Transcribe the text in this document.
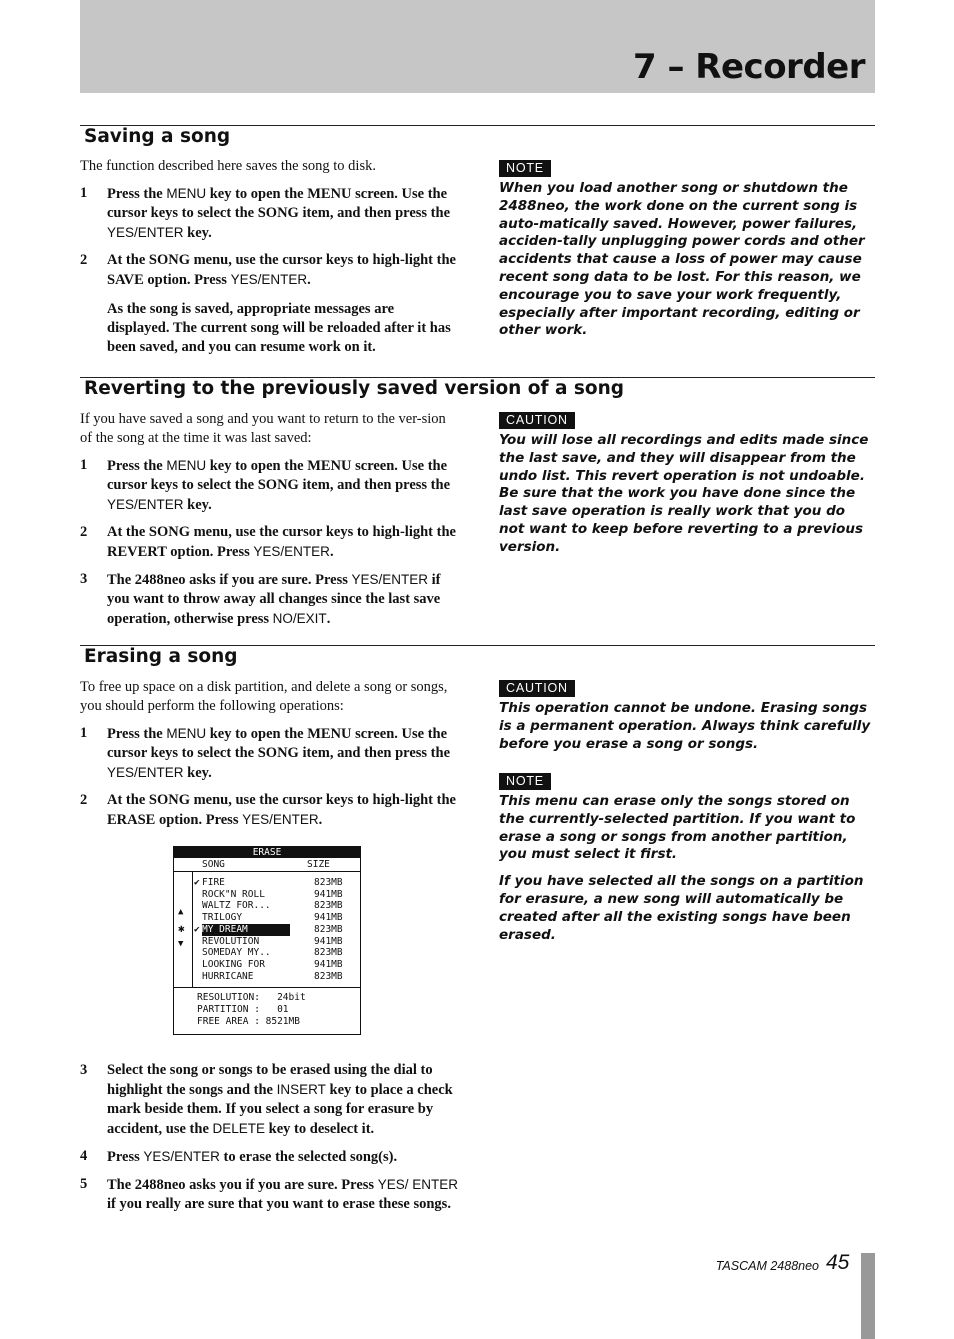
7 – Recorder
Saving a song

The function described here saves the song to disk.

1 Press the MENU key to open the MENU screen. Use the cursor keys to select the SONG item, and then press the YES/ENTER key.
2 At the SONG menu, use the cursor keys to high-light the SAVE option. Press YES/ENTER.

As the song is saved, appropriate messages are displayed. The current song will be reloaded after it has been saved, and you can resume work on it.

NOTE

When you load another song or shutdown the 2488neo, the work done on the current song is auto-matically saved. However, power failures, acciden-tally unplugging power cords and other accidents that cause a loss of power may cause recent song data to be lost. For this reason, we encourage you to save your work frequently, especially after important recording, editing or other work.

Reverting to the previously saved version of a song

If you have saved a song and you want to return to the ver-sion of the song at the time it was last saved:

1 Press the MENU key to open the MENU screen. Use the cursor keys to select the SONG item, and then press the YES/ENTER key.
2 At the SONG menu, use the cursor keys to high-light the REVERT option. Press YES/ENTER.
3 The 2488neo asks if you are sure. Press YES/ENTER if you want to throw away all changes since the last save operation, otherwise press NO/EXIT.
CAUTION

You will lose all recordings and edits made since the last save, and they will disappear from the undo list. This revert operation is not undoable. Be sure that the work you have done since the last save operation is really work that you do not want to keep before reverting to a previous version.

Erasing a song

To free up space on a disk partition, and delete a song or songs, you should perform the following operations:

1 Press the MENU key to open the MENU screen. Use the cursor keys to select the SONG item, and then press the YES/ENTER key.
2 At the SONG menu, use the cursor keys to high-light the ERASE option. Press YES/ENTER.
ERASE
SONG	SIZE
▲
✱
▼
✔ FIRE	823MB
ROCK"N ROLL	941MB
WALTZ FOR...	823MB
TRILOGY	941MB
✔ MY DREAM	823MB
REVOLUTION	941MB
SOMEDAY MY..	823MB
LOOKING FOR	941MB
HURRICANE	823MB
RESOLUTION:   24bit
PARTITION :   01
FREE AREA : 8521MB
3 Select the song or songs to be erased using the dial to highlight the songs and the INSERT key to place a check mark beside them. If you select a song for erasure by accident, use the DELETE key to deselect it.
4 Press YES/ENTER to erase the selected song(s).
5 The 2488neo asks you if you are sure. Press YES/ ENTER if you really are sure that you want to erase these songs.
CAUTION

This operation cannot be undone. Erasing songs is a permanent operation. Always think carefully before you erase a song or songs.

NOTE

This menu can erase only the songs stored on the currently-selected partition. If you want to erase a song or songs from another partition, you must select it first.

If you have selected all the songs on a partition for erasure, a new song will automatically be created after all the existing songs have been erased.

TASCAM 2488neo 45
